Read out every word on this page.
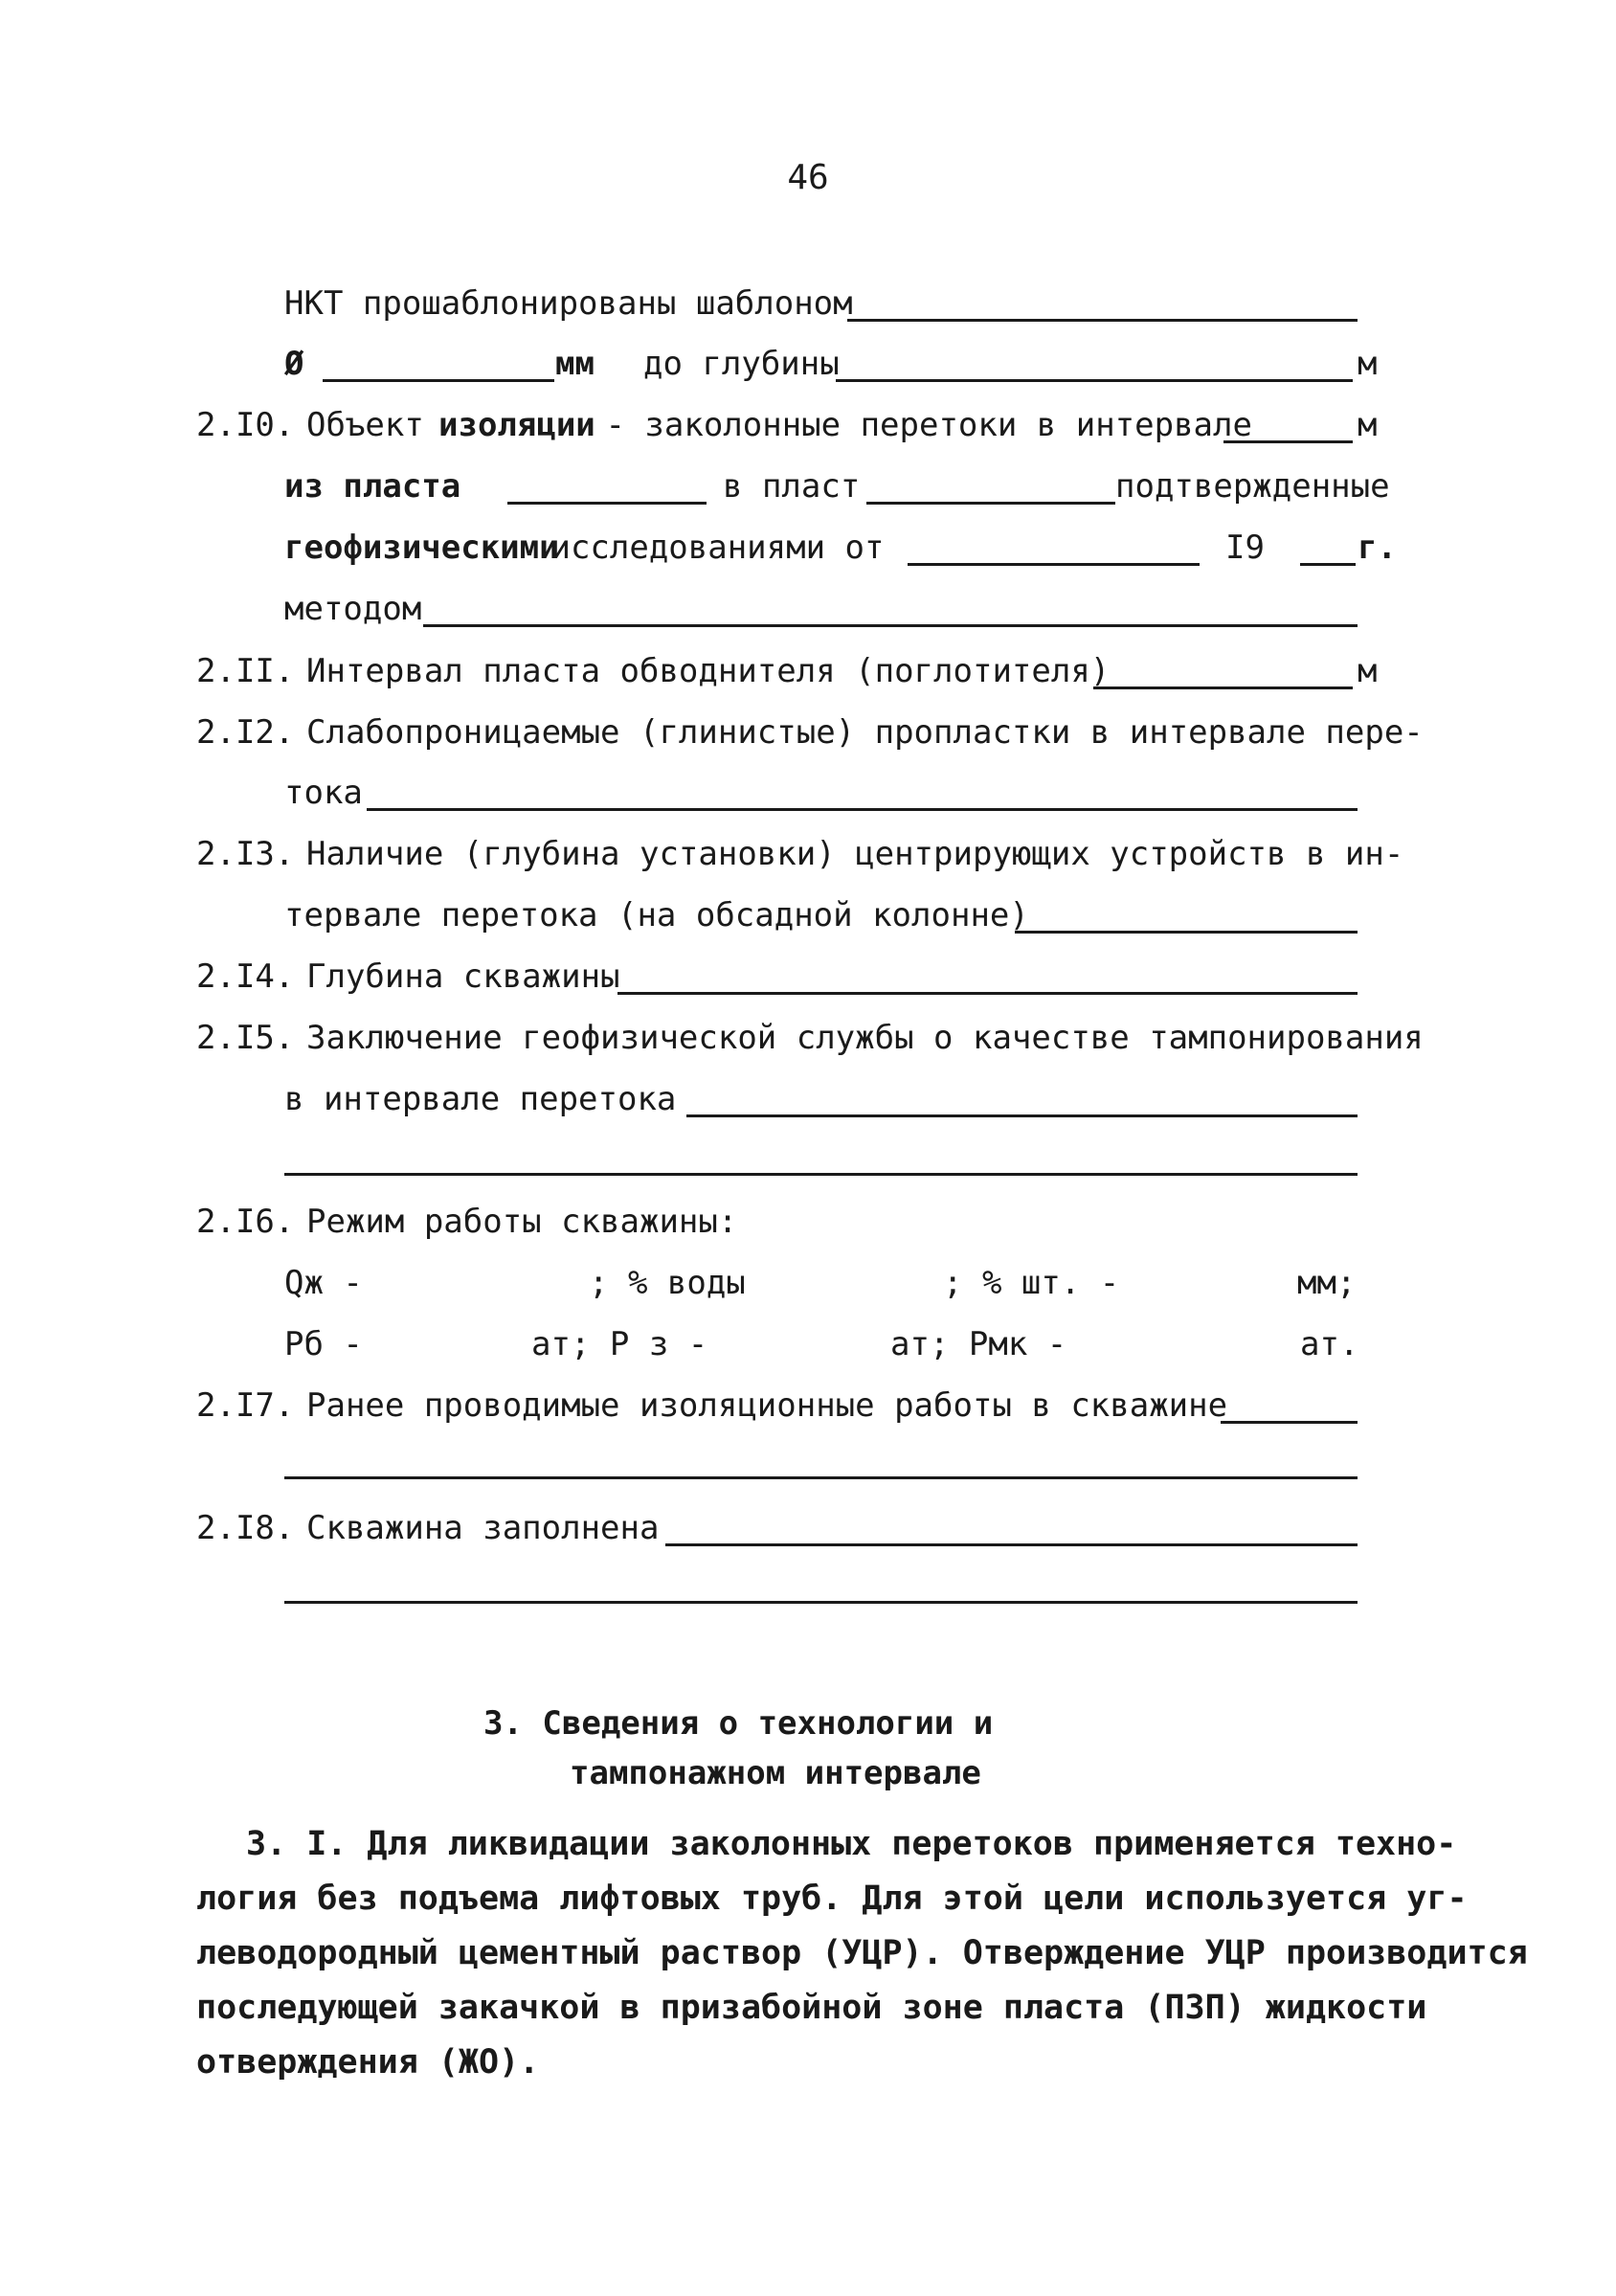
46
НКТ прошаблонированы шаблоном
Ø	мм до глубины	м
2.I0. Объект изоляции
- заколонные перетоки в интервале	м
из пласта	в пласт	подтвержденные
геофизическими
исследованиями от	I9	г.
методом
2.II. Интервал пласта обводнителя (поглотителя)	м
2.I2. Слабопроницаемые (глинистые) пропластки в интервале пере-
тока
2.I3. Наличие (глубина установки) центрирующих устройств в ин-
тервале перетока (на обсадной колонне)
2.I4. Глубина скважины
2.I5. Заключение геофизической службы о качестве тампонирования
в интервале перетока
2.I6. Режим работы скважины:
Qж -	; % воды	; % шт. -	мм;
Рб -	ат; Р з -	ат; Рмк -	ат.
2.I7. Ранее проводимые изоляционные работы в скважине
2.I8. Скважина заполнена
3. Сведения о технологии и
тампонажном интервале
3. I. Для ликвидации заколонных перетоков применяется техно-
логия без подъема лифтовых труб. Для этой цели используется уг-
леводородный цементный раствор (УЦР). Отверждение УЦР производится
последующей закачкой в призабойной зоне пласта (ПЗП) жидкости
отверждения (ЖО).
